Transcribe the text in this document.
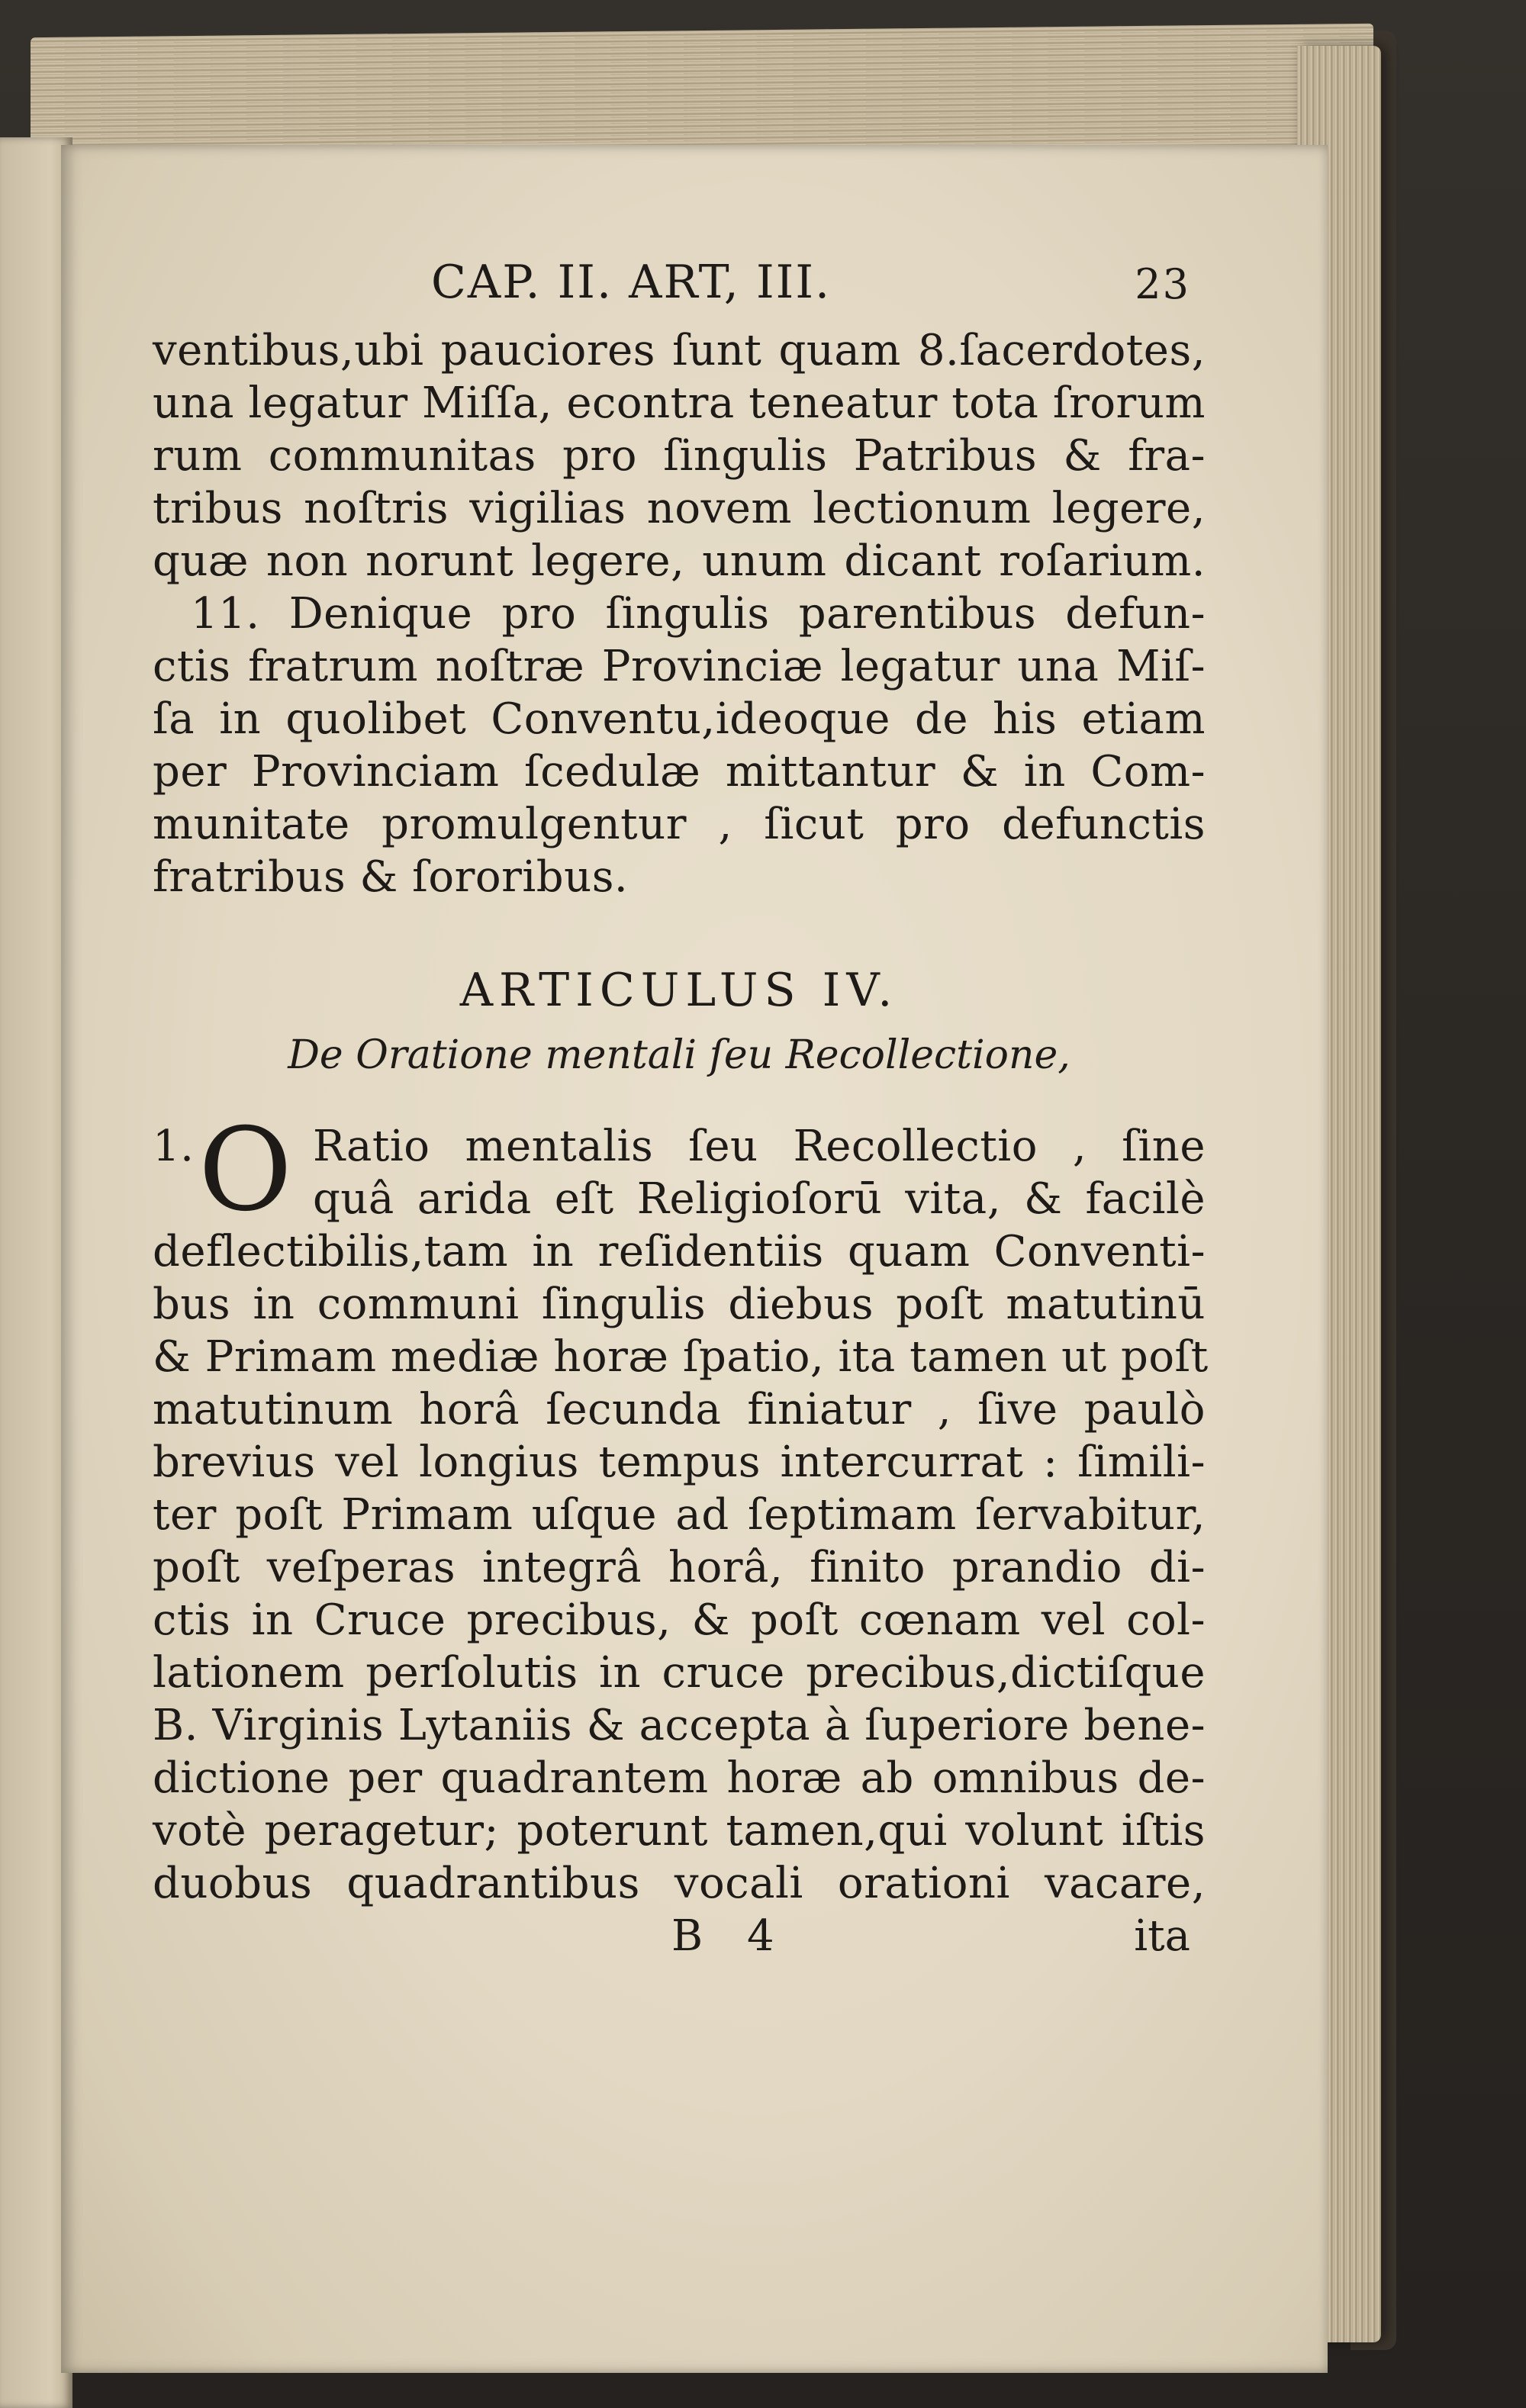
CAP. II. ART, III.	23
ventibus,ubi pauciores ſunt quam 8.ſacerdotes,
una legatur Miſſa, econtra teneatur tota ſrorum
rum communitas pro ſingulis Patribus & fra-
tribus noſtris vigilias novem lectionum legere,
quæ non norunt legere, unum dicant roſarium.
11. Denique pro ſingulis parentibus defun-
ctis fratrum noſtræ Provinciæ legatur una Miſ-
ſa in quolibet Conventu,ideoque de his etiam
per Provinciam ſcedulæ mittantur & in Com-
munitate promulgentur , ſicut pro defunctis
fratribus & ſororibus.
ARTICULUS IV.
De Oratione mentali ſeu Recollectione,
1. O Ratio mentalis ſeu Recollectio , ſine
quâ arida eſt Religioſorū vita, & facilè
deflectibilis,tam in reſidentiis quam Conventi-
bus in communi ſingulis diebus poſt matutinū
& Primam mediæ horæ ſpatio, ita tamen ut poſt
matutinum horâ ſecunda finiatur , ſive paulò
brevius vel longius tempus intercurrat : ſimili-
ter poſt Primam uſque ad ſeptimam ſervabitur,
poſt veſperas integrâ horâ, finito prandio di-
ctis in Cruce precibus, & poſt cœnam vel col-
lationem perſolutis in cruce precibus,dictiſque
B. Virginis Lytaniis & accepta à ſuperiore bene-
dictione per quadrantem horæ ab omnibus de-
votè peragetur; poterunt tamen,qui volunt iſtis
duobus quadrantibus vocali orationi vacare,
B 4	ita
